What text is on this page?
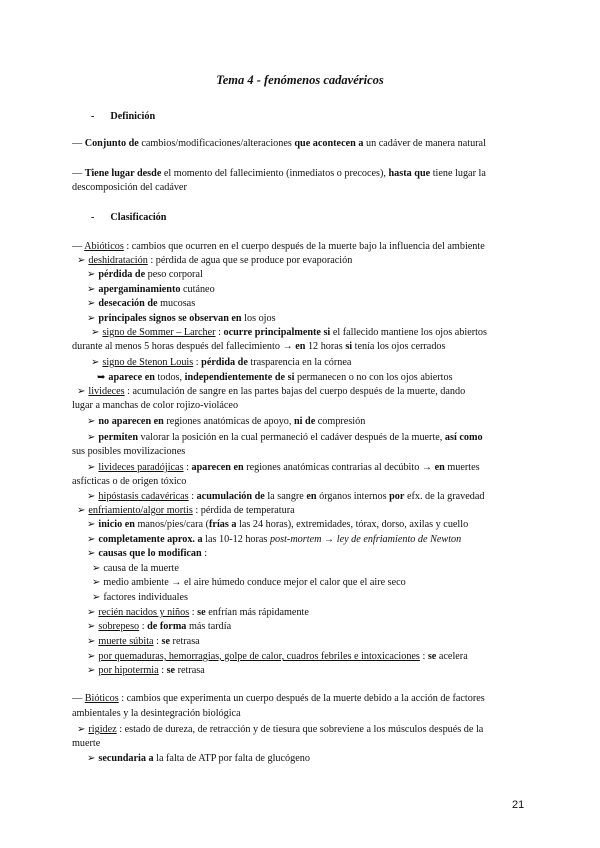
Tema 4 - fenómenos cadavéricos
- Definición
— Conjunto de cambios/modificaciones/alteraciones que acontecen a un cadáver de manera natural
— Tiene lugar desde el momento del fallecimiento (inmediatos o precoces), hasta que tiene lugar la
descomposición del cadáver
- Clasificación
— Abióticos : cambios que ocurren en el cuerpo después de la muerte bajo la influencia del ambiente
➢ deshidratación : pérdida de agua que se produce por evaporación
➢ pérdida de peso corporal
➢ apergaminamiento cutáneo
➢ desecación de mucosas
➢ principales signos se observan en los ojos
➢ signo de Sommer – Larcher : ocurre principalmente si el fallecido mantiene los ojos abiertos
durante al menos 5 horas después del fallecimiento → en 12 horas si tenía los ojos cerrados
➢ signo de Stenon Louis : pérdida de trasparencia en la córnea
➥ aparece en todos, independientemente de si permanecen o no con los ojos abiertos
➢ livideces : acumulación de sangre en las partes bajas del cuerpo después de la muerte, dando
lugar a manchas de color rojizo-violáceo
➢ no aparecen en regiones anatómicas de apoyo, ni de compresión
➢ permiten valorar la posición en la cual permaneció el cadáver después de la muerte, así como
sus posibles movilizaciones
➢ livideces paradójicas : aparecen en regiones anatómicas contrarias al decúbito → en muertes
asfícticas o de origen tóxico
➢ hipóstasis cadavéricas : acumulación de la sangre en órganos internos por efx. de la gravedad
➢ enfriamiento/algor mortis : pérdida de temperatura
➢ inicio en manos/pies/cara (frías a las 24 horas), extremidades, tórax, dorso, axilas y cuello
➢ completamente aprox. a las 10-12 horas post-mortem → ley de enfriamiento de Newton
➢ causas que lo modifican :
➢ causa de la muerte
➢ medio ambiente → el aire húmedo conduce mejor el calor que el aire seco
➢ factores individuales
➢ recién nacidos y niños : se enfrían más rápidamente
➢ sobrepeso : de forma más tardía
➢ muerte súbita : se retrasa
➢ por quemaduras, hemorragias, golpe de calor, cuadros febriles e intoxicaciones : se acelera
➢ por hipotermia : se retrasa
— Bióticos : cambios que experimenta un cuerpo después de la muerte debido a la acción de factores
ambientales y la desintegración biológica
➢ rigidez : estado de dureza, de retracción y de tiesura que sobreviene a los músculos después de la
muerte
➢ secundaria a la falta de ATP por falta de glucógeno
21
